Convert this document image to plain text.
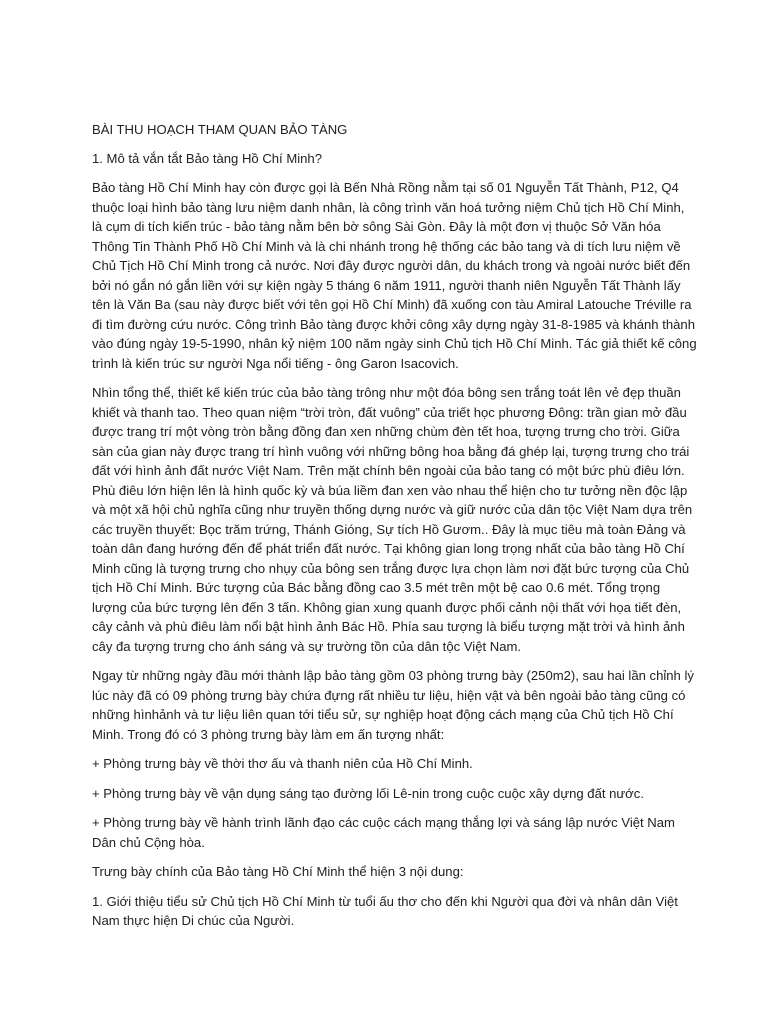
BÀI THU HOẠCH THAM QUAN BẢO TÀNG

1. Mô tả vắn tắt Bảo tàng Hồ Chí Minh?

Bảo tàng Hồ Chí Minh hay còn được gọi là Bến Nhà Rồng nằm tại số 01 Nguyễn Tất Thành, P12, Q4 thuộc loại hình bảo tàng lưu niệm danh nhân, là công trình văn hoá tưởng niệm Chủ tịch Hồ Chí Minh, là cụm di tích kiến trúc - bảo tàng nằm bên bờ sông Sài Gòn. Đây là một đơn vị thuộc Sở Văn hóa Thông Tin Thành Phố Hồ Chí Minh và là chi nhánh trong hệ thống các bảo tang và di tích lưu niệm về Chủ Tịch Hồ Chí Minh trong cả nước. Nơi đây được người dân, du khách trong và ngoài nước biết đến bởi nó gắn nó gắn liền với sự kiện ngày 5 tháng 6 năm 1911, người thanh niên Nguyễn Tất Thành lấy tên là Văn Ba (sau này được biết với tên gọi Hồ Chí Minh) đã xuống con tàu Amiral Latouche Tréville ra đi tìm đường cứu nước. Công trình Bảo tàng được khởi công xây dựng ngày 31-8-1985 và khánh thành vào đúng ngày 19-5-1990, nhân kỷ niệm 100 năm ngày sinh Chủ tịch Hồ Chí Minh. Tác giả thiết kế công trình là kiến trúc sư người Nga nổi tiếng - ông Garon Isacovich.

Nhìn tổng thể, thiết kế kiến trúc của bảo tàng trông như một đóa bông sen trắng toát lên vẻ đẹp thuần khiết và thanh tao. Theo quan niệm “trời tròn, đất vuông” của triết học phương Đông: trần gian mở đầu được trang trí một vòng tròn bằng đồng đan xen những chùm đèn tết hoa, tượng trưng cho trời. Giữa sàn của gian này được trang trí hình vuông với những bông hoa bằng đá ghép lại, tượng trưng cho trái đất với hình ảnh đất nước Việt Nam. Trên mặt chính bên ngoài của bảo tang có một bức phù điêu lớn. Phù điêu lớn hiện lên là hình quốc kỳ và búa liềm đan xen vào nhau thể hiện cho tư tưởng nền độc lập và một xã hội chủ nghĩa cũng như truyền thống dựng nước và giữ nước của dân tộc Việt Nam dựa trên các truyền thuyết: Bọc trăm trứng, Thánh Gióng, Sự tích Hồ Gươm.. Đây là mục tiêu mà toàn Đảng và toàn dân đang hướng đến để phát triển đất nước. Tại không gian long trọng nhất của bảo tàng Hồ Chí Minh cũng là tượng trưng cho nhụy của bông sen trắng được lựa chọn làm nơi đặt bức tượng của Chủ tịch Hồ Chí Minh. Bức tượng của Bác bằng đồng cao 3.5 mét trên một bệ cao 0.6 mét. Tổng trọng lượng của bức tượng lên đến 3 tấn. Không gian xung quanh được phối cảnh nội thất với họa tiết đèn, cây cảnh và phù điêu làm nổi bật hình ảnh Bác Hồ. Phía sau tượng là biểu tượng mặt trời và hình ảnh cây đa tượng trưng cho ánh sáng và sự trường tồn của dân tộc Việt Nam.

Ngay từ những ngày đầu mới thành lập bảo tàng gồm 03 phòng trưng bày (250m2), sau hai lần chỉnh lý lúc này đã có 09 phòng trưng bày chứa đựng rất nhiều tư liệu, hiện vật và bên ngoài bảo tàng cũng có những hìnhảnh và tư liệu liên quan tới tiểu sử, sự nghiệp hoạt động cách mạng của Chủ tịch Hồ Chí Minh. Trong đó có 3 phòng trưng bày làm em ấn tượng nhất:

+ Phòng trưng bày về thời thơ ấu và thanh niên của Hồ Chí Minh.

+ Phòng trưng bày về vận dụng sáng tạo đường lối Lê-nin trong cuộc cuộc xây dựng đất nước.

+ Phòng trưng bày về hành trình lãnh đạo các cuộc cách mạng thắng lợi và sáng lập nước Việt Nam Dân chủ Cộng hòa.

Trưng bày chính của Bảo tàng Hồ Chí Minh thể hiện 3 nội dung:

1. Giới thiệu tiểu sử Chủ tịch Hồ Chí Minh từ tuổi ấu thơ cho đến khi Người qua đời và nhân dân Việt Nam thực hiện Di chúc của Người.
